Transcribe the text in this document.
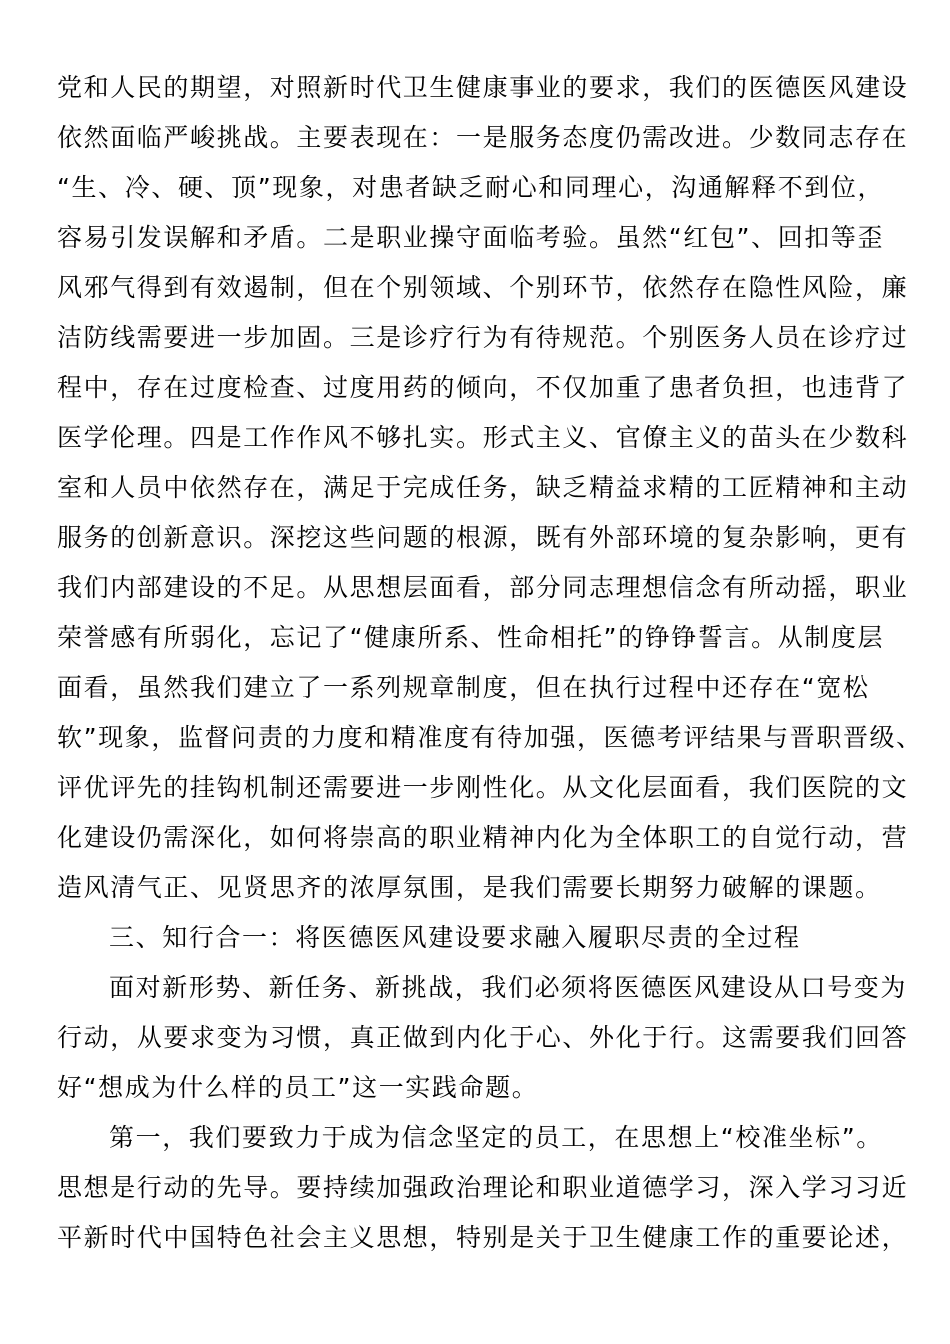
党和人民的期望，对照新时代卫生健康事业的要求，我们的医德医风建设
依然面临严峻挑战。主要表现在：一是服务态度仍需改进。少数同志存在
“生、冷、硬、顶”现象，对患者缺乏耐心和同理心，沟通解释不到位，
容易引发误解和矛盾。二是职业操守面临考验。虽然“红包”、回扣等歪
风邪气得到有效遏制，但在个别领域、个别环节，依然存在隐性风险，廉
洁防线需要进一步加固。三是诊疗行为有待规范。个别医务人员在诊疗过
程中，存在过度检查、过度用药的倾向，不仅加重了患者负担，也违背了
医学伦理。四是工作作风不够扎实。形式主义、官僚主义的苗头在少数科
室和人员中依然存在，满足于完成任务，缺乏精益求精的工匠精神和主动
服务的创新意识。深挖这些问题的根源，既有外部环境的复杂影响，更有
我们内部建设的不足。从思想层面看，部分同志理想信念有所动摇，职业
荣誉感有所弱化，忘记了“健康所系、性命相托”的铮铮誓言。从制度层
面看，虽然我们建立了一系列规章制度，但在执行过程中还存在“宽松
软”现象，监督问责的力度和精准度有待加强，医德考评结果与晋职晋级、
评优评先的挂钩机制还需要进一步刚性化。从文化层面看，我们医院的文
化建设仍需深化，如何将崇高的职业精神内化为全体职工的自觉行动，营
造风清气正、见贤思齐的浓厚氛围，是我们需要长期努力破解的课题。
三、知行合一：将医德医风建设要求融入履职尽责的全过程
面对新形势、新任务、新挑战，我们必须将医德医风建设从口号变为
行动，从要求变为习惯，真正做到内化于心、外化于行。这需要我们回答
好“想成为什么样的员工”这一实践命题。
第一，我们要致力于成为信念坚定的员工，在思想上“校准坐标”。
思想是行动的先导。要持续加强政治理论和职业道德学习，深入学习习近
平新时代中国特色社会主义思想，特别是关于卫生健康工作的重要论述，
